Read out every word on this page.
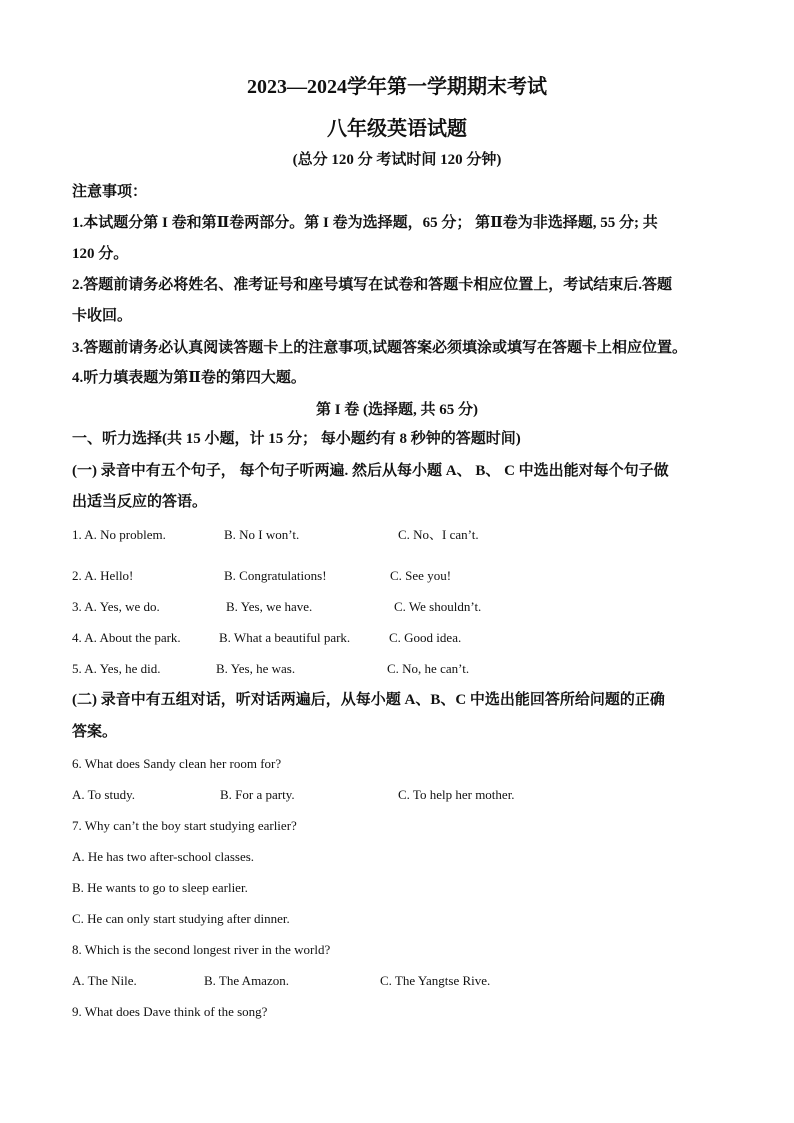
2023—2024学年第一学期期末考试
八年级英语试题
(总分 120 分 考试时间 120 分钟)
注意事项：
1.本试题分第 I 卷和第Ⅱ卷两部分。第 I 卷为选择题，65 分； 第Ⅱ卷为非选择题, 55 分; 共
120 分。
2.答题前请务必将姓名、准考证号和座号填写在试卷和答题卡相应位置上，考试结束后.答题
卡收回。
3.答题前请务必认真阅读答题卡上的注意事项,试题答案必须填涂或填写在答题卡上相应位置。
4.听力填表题为第Ⅱ卷的第四大题。
第 I 卷 (选择题, 共 65 分)
一、听力选择(共 15 小题，计 15 分； 每小题约有 8 秒钟的答题时间)
(一) 录音中有五个句子， 每个句子听两遍. 然后从每小题 A、 B、 C 中选出能对每个句子做
出适当反应的答语。
1. A. No problem.	B. No I won’t.	C. No、I can’t.
2. A. Hello!	B. Congratulations!	C. See you!
3. A. Yes, we do.	B. Yes, we have.	C. We shouldn’t.
4. A. About the park.	B. What a beautiful park.	C. Good idea.
5. A. Yes, he did.	B. Yes, he was.	C. No, he can’t.
(二) 录音中有五组对话，听对话两遍后，从每小题 A、B、C 中选出能回答所给问题的正确
答案。
6. What does Sandy clean her room for?
A. To study.	B. For a party.	C. To help her mother.
7. Why can’t the boy start studying earlier?
A. He has two after-school classes.
B. He wants to go to sleep earlier.
C. He can only start studying after dinner.
8. Which is the second longest river in the world?
A. The Nile.	B. The Amazon.	C. The Yangtse Rive.
9. What does Dave think of the song?
